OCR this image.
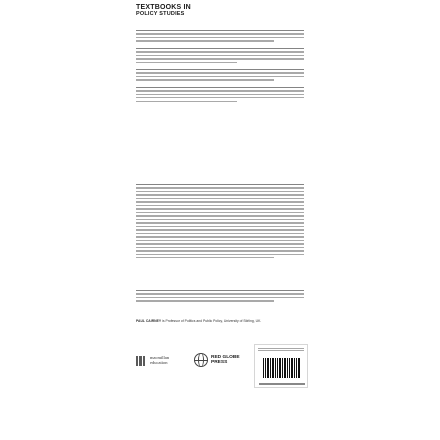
TEXTBOOKS IN
POLICY STUDIES
PAUL CAIRNEY is Professor of Politics and Public Policy, University of Stirling, UK.
macmillan
education
RED GLOBE
PRESS
